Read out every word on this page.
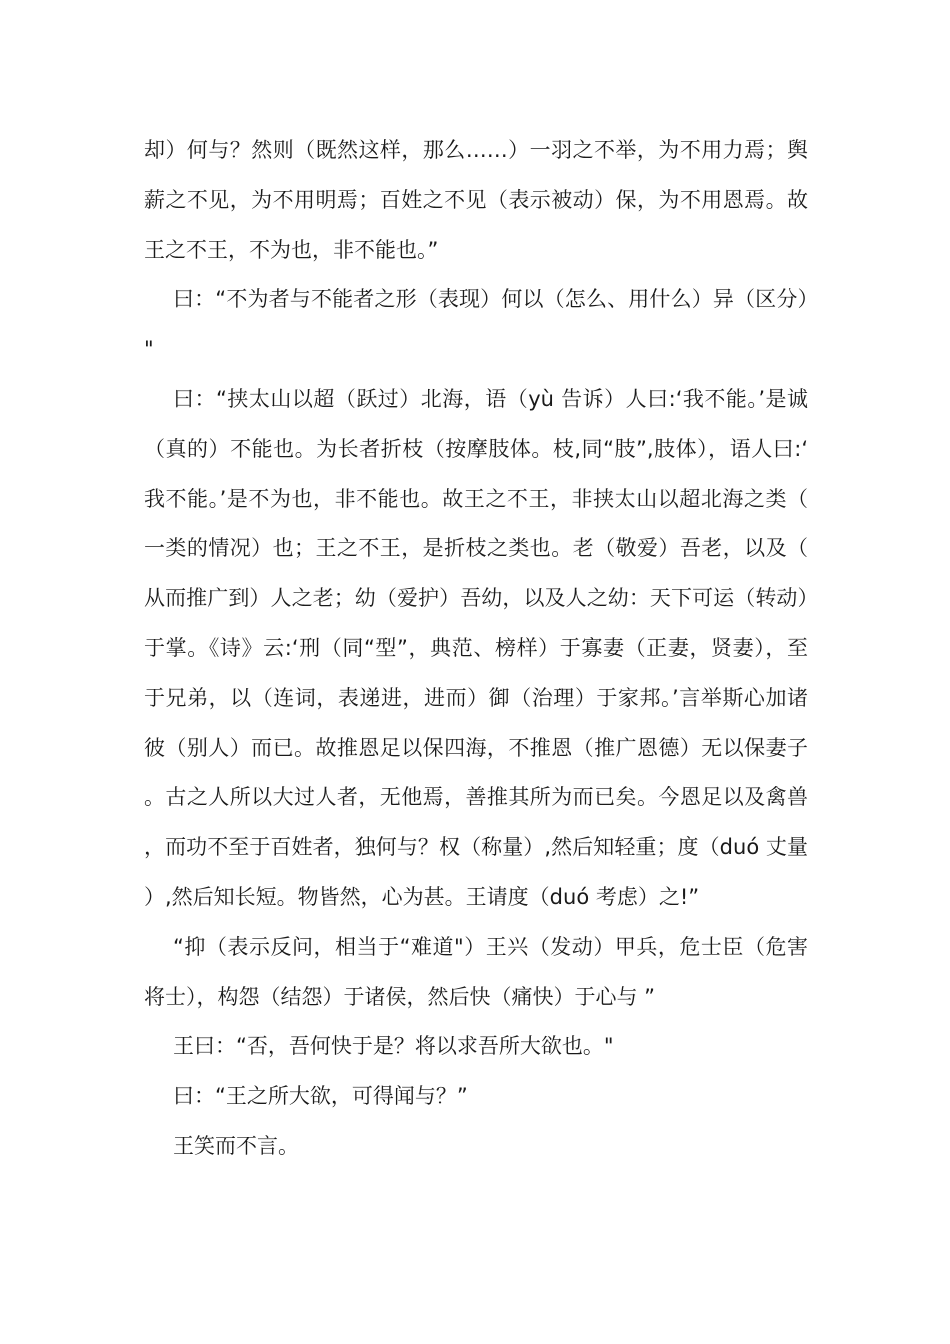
却）何与？然则（既然这样，那么……）一羽之不举，为不用力焉；舆薪之不见，为不用明焉；百姓之不见（表示被动）保，为不用恩焉。故王之不王，不为也，非不能也。”

曰：“不为者与不能者之形（表现）何以（怎么、用什么）异（区分）"

曰：“挟太山以超（跃过）北海，语（yù 告诉）人曰:‘我不能。’是诚（真的）不能也。为长者折枝（按摩肢体。枝,同“肢”,肢体），语人曰:‘我不能。’是不为也，非不能也。故王之不王，非挟太山以超北海之类（一类的情况）也；王之不王，是折枝之类也。老（敬爱）吾老，以及（从而推广到）人之老；幼（爱护）吾幼，以及人之幼：天下可运（转动）于掌。《诗》云:‘刑（同“型”，典范、榜样）于寡妻（正妻，贤妻），至于兄弟，以（连词，表递进，进而）御（治理）于家邦。’言举斯心加诸彼（别人）而已。故推恩足以保四海，不推恩（推广恩德）无以保妻子。古之人所以大过人者，无他焉，善推其所为而已矣。今恩足以及禽兽，而功不至于百姓者，独何与？权（称量）,然后知轻重；度（duó 丈量）,然后知长短。物皆然，心为甚。王请度（duó 考虑）之!”

“抑（表示反问，相当于“难道"）王兴（发动）甲兵，危士臣（危害将士），构怨（结怨）于诸侯，然后快（痛快）于心与 ”

王曰：“否，吾何快于是？将以求吾所大欲也。"

曰：“王之所大欲，可得闻与？”

王笑而不言。
